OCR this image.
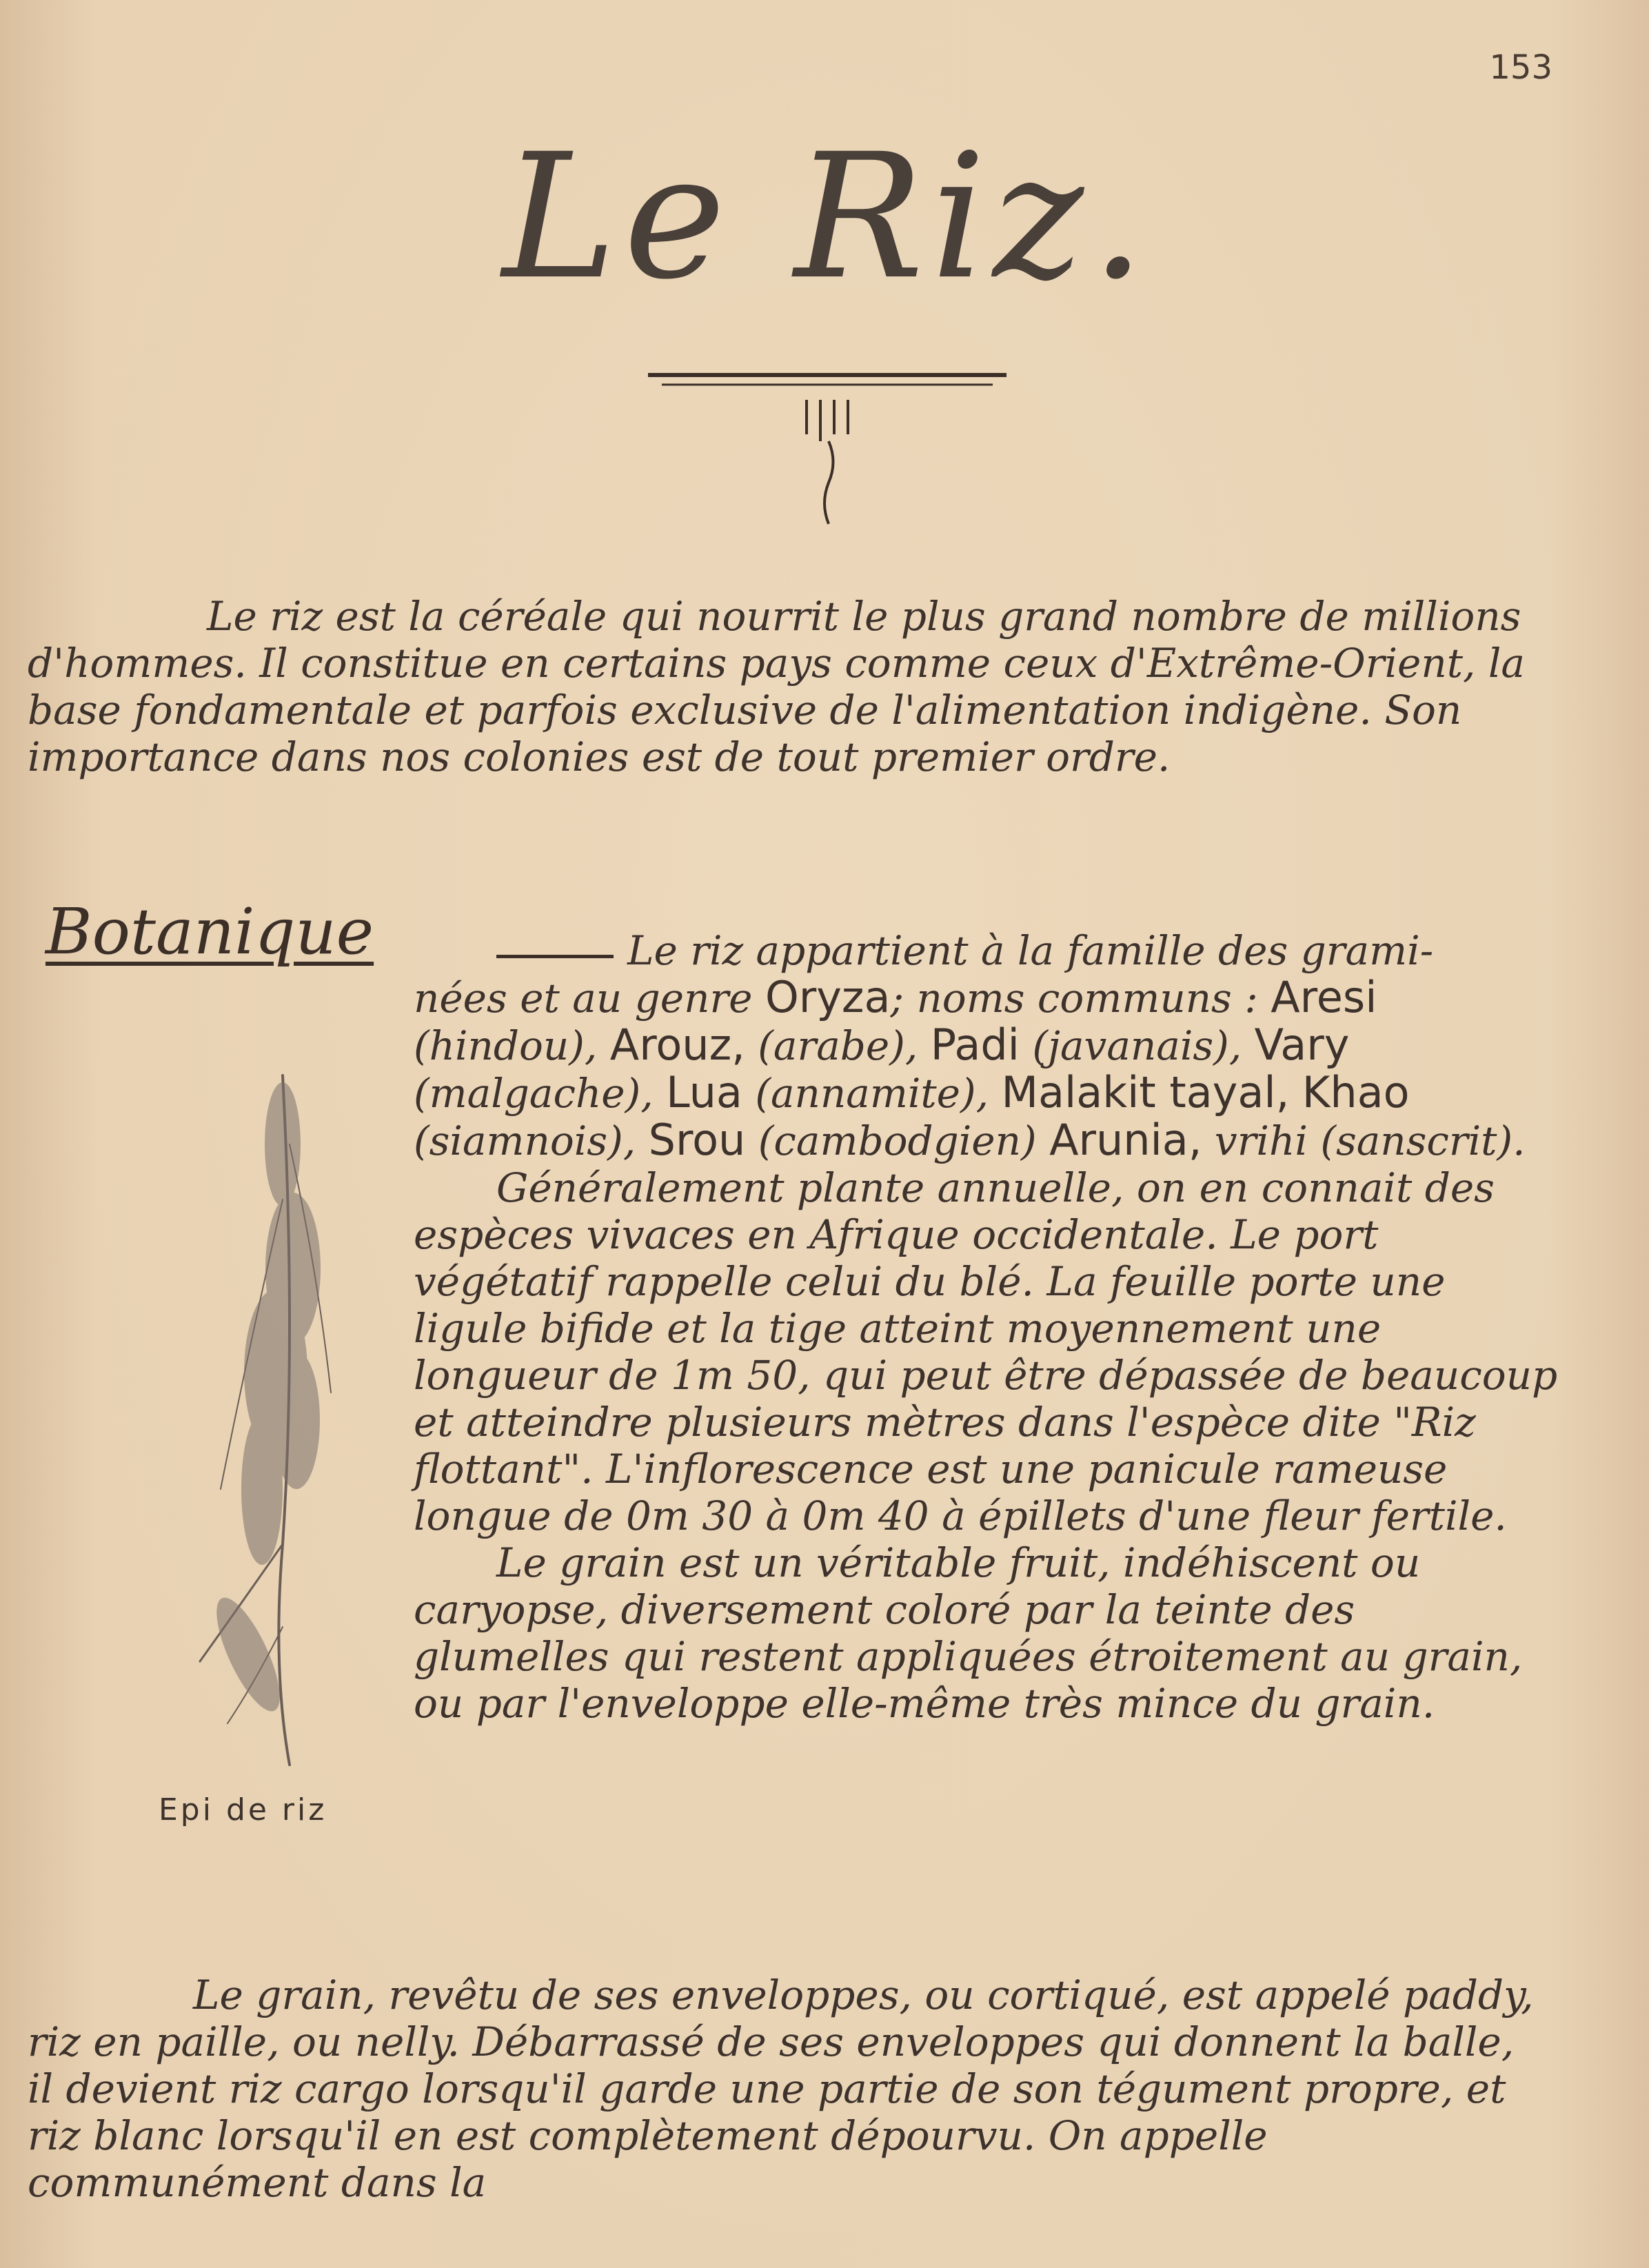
153
Le Riz.

Le riz est la céréale qui nourrit le plus grand nombre de millions d'hommes. Il constitue en certains pays comme ceux d'Extrême-Orient, la base fondamentale et parfois exclusive de l'alimentation indigène. Son importance dans nos colonies est de tout premier ordre.

Botanique	Le riz appartient à la famille des grami-

nées et au genre Oryza; noms communs : Aresi (hindou), Arouz, (arabe), Padi (javanais), Vary (malgache), Lua (annamite), Malakit tayal, Khao (siamnois), Srou (cambodgien) Arunia, vrihi (sanscrit).

Généralement plante annuelle, on en connait des espèces vivaces en Afrique occidentale. Le port végétatif rappelle celui du blé. La feuille porte une ligule bifide et la tige atteint moyennement une longueur de 1m 50, qui peut être dépassée de beaucoup et atteindre plusieurs mètres dans l'espèce dite "Riz flottant". L'inflorescence est une panicule rameuse longue de 0m 30 à 0m 40 à épillets d'une fleur fertile.

Le grain est un véritable fruit, indéhiscent ou caryopse, diversement coloré par la teinte des glumelles qui restent appliquées étroitement au grain, ou par l'enveloppe elle-même très mince du grain.

Epi de riz

Le grain, revêtu de ses enveloppes, ou cortiqué, est appelé paddy, riz en paille, ou nelly. Débarrassé de ses enveloppes qui donnent la balle, il devient riz cargo lorsqu'il garde une partie de son tégument propre, et riz blanc lorsqu'il en est complètement dépourvu. On appelle communément dans la
